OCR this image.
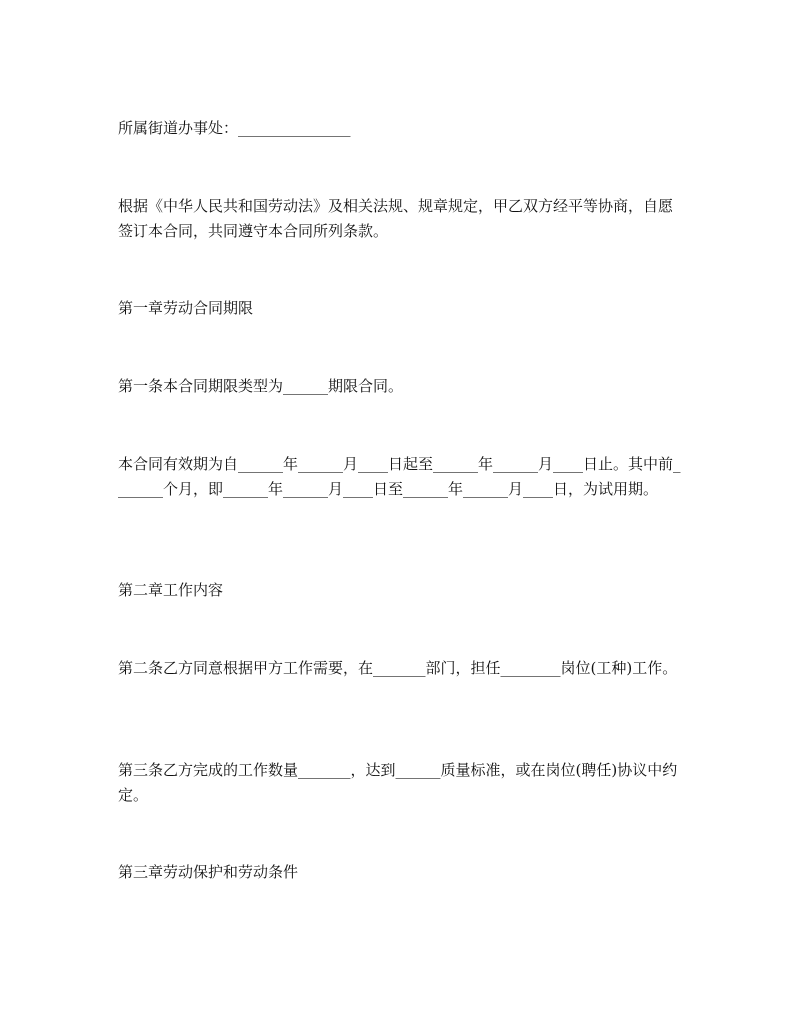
所属街道办事处：_______________

根据《中华人民共和国劳动法》及相关法规、规章规定，甲乙双方经平等协商，自愿签订本合同，共同遵守本合同所列条款。

第一章劳动合同期限

第一条本合同期限类型为______期限合同。

本合同有效期为自______年______月____日起至______年______月____日止。其中前_______个月，即______年______月____日至______年______月____日，为试用期。

第二章工作内容

第二条乙方同意根据甲方工作需要，在_______部门，担任________岗位(工种)工作。

第三条乙方完成的工作数量_______，达到______质量标准，或在岗位(聘任)协议中约定。

第三章劳动保护和劳动条件
